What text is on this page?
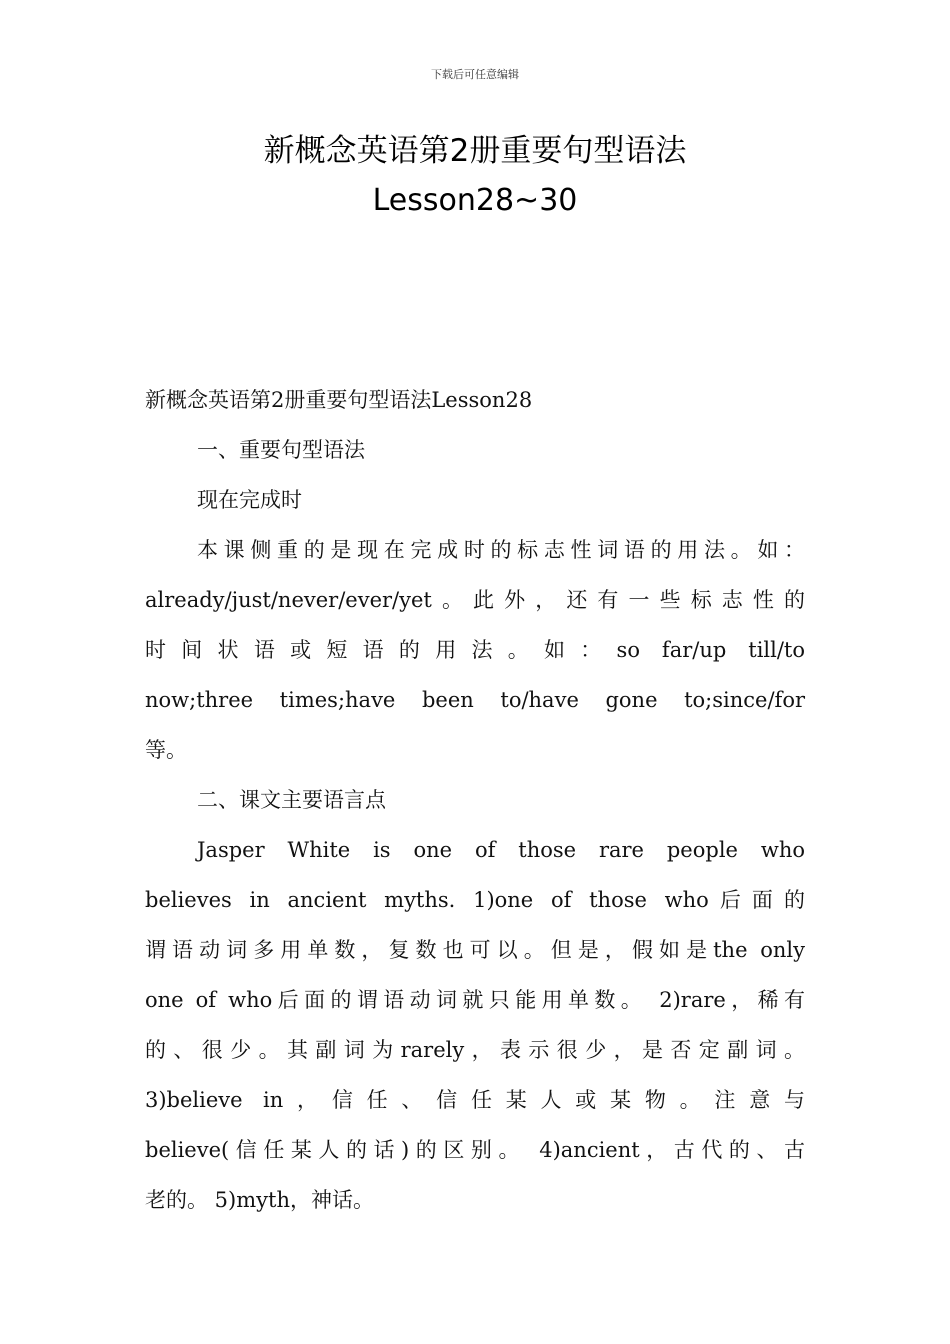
下载后可任意编辑
新概念英语第2册重要句型语法
Lesson28~30

新概念英语第2册重要句型语法Lesson28

一、重要句型语法

现在完成时

本课侧重的是现在完成时的标志性词语的用法。如：

already/just/never/ever/yet。此外，还有一些标志性的

时间状语或短语的用法。如：so far/up till/to

now;three times;have been to/have gone to;since/for

等。

二、课文主要语言点

Jasper White is one of those rare people who

believes in ancient myths. 1)one of those who后面的

谓语动词多用单数，复数也可以。但是，假如是the only

one of who后面的谓语动词就只能用单数。 2)rare，稀有

的、很少。其副词为rarely，表示很少，是否定副词。

3)believe in，信任、信任某人或某物。注意与

believe(信任某人的话)的区别。 4)ancient，古代的、古

老的。 5)myth，神话。
